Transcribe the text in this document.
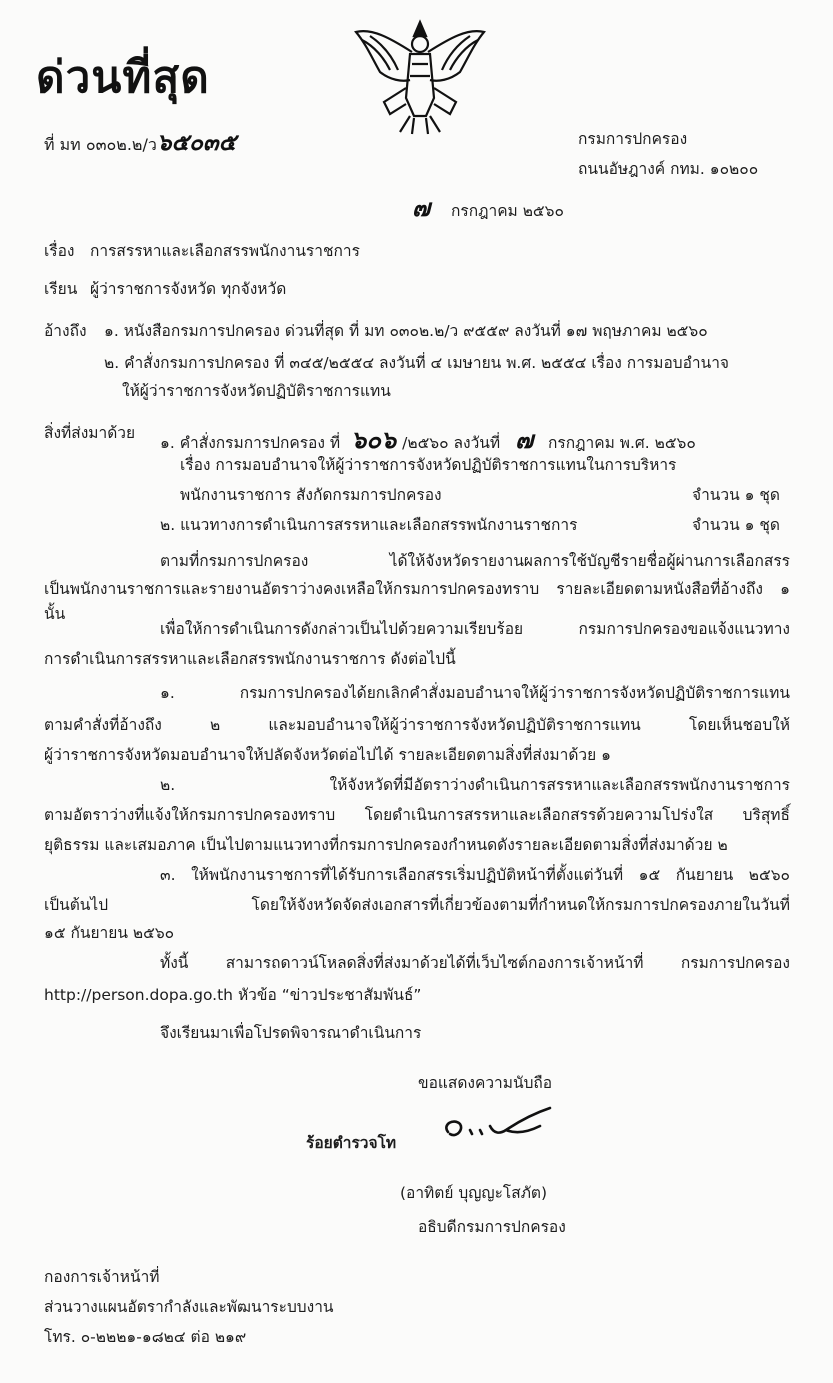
ด่วนที่สุด
ที่ มท ๐๓๐๒.๒/ว๖๕๐๓๕	กรมการปกครอง
ถนนอัษฎางค์ กทม. ๑๐๒๐๐
๗ กรกฎาคม ๒๕๖๐
เรื่อง การสรรหาและเลือกสรรพนักงานราชการ
เรียน ผู้ว่าราชการจังหวัด ทุกจังหวัด
อ้างถึง ๑. หนังสือกรมการปกครอง ด่วนที่สุด ที่ มท ๐๓๐๒.๒/ว ๙๕๕๙ ลงวันที่ ๑๗ พฤษภาคม ๒๕๖๐
๒. คำสั่งกรมการปกครอง ที่ ๓๔๕/๒๕๕๔ ลงวันที่ ๔ เมษายน พ.ศ. ๒๕๕๔ เรื่อง การมอบอำนาจ
ให้ผู้ว่าราชการจังหวัดปฏิบัติราชการแทน
สิ่งที่ส่งมาด้วย
๑. คำสั่งกรมการปกครอง ที่ ๖๐๖ /๒๕๖๐ ลงวันที่ ๗ กรกฎาคม พ.ศ. ๒๕๖๐
เรื่อง การมอบอำนาจให้ผู้ว่าราชการจังหวัดปฏิบัติราชการแทนในการบริหาร
พนักงานราชการ สังกัดกรมการปกครอง	จำนวน ๑ ชุด
๒. แนวทางการดำเนินการสรรหาและเลือกสรรพนักงานราชการ	จำนวน ๑ ชุด
ตามที่กรมการปกครอง ได้ให้จังหวัดรายงานผลการใช้บัญชีรายชื่อผู้ผ่านการเลือกสรร
เป็นพนักงานราชการและรายงานอัตราว่างคงเหลือให้กรมการปกครองทราบ รายละเอียดตามหนังสือที่อ้างถึง ๑ นั้น
เพื่อให้การดำเนินการดังกล่าวเป็นไปด้วยความเรียบร้อย กรมการปกครองขอแจ้งแนวทาง
การดำเนินการสรรหาและเลือกสรรพนักงานราชการ ดังต่อไปนี้
๑. กรมการปกครองได้ยกเลิกคำสั่งมอบอำนาจให้ผู้ว่าราชการจังหวัดปฏิบัติราชการแทน
ตามคำสั่งที่อ้างถึง ๒ และมอบอำนาจให้ผู้ว่าราชการจังหวัดปฏิบัติราชการแทน โดยเห็นชอบให้
ผู้ว่าราชการจังหวัดมอบอำนาจให้ปลัดจังหวัดต่อไปได้ รายละเอียดตามสิ่งที่ส่งมาด้วย ๑
๒. ให้จังหวัดที่มีอัตราว่างดำเนินการสรรหาและเลือกสรรพนักงานราชการ
ตามอัตราว่างที่แจ้งให้กรมการปกครองทราบ โดยดำเนินการสรรหาและเลือกสรรด้วยความโปร่งใส บริสุทธิ์
ยุติธรรม และเสมอภาค เป็นไปตามแนวทางที่กรมการปกครองกำหนดดังรายละเอียดตามสิ่งที่ส่งมาด้วย ๒
๓. ให้พนักงานราชการที่ได้รับการเลือกสรรเริ่มปฏิบัติหน้าที่ตั้งแต่วันที่ ๑๕ กันยายน ๒๕๖๐
เป็นต้นไป โดยให้จังหวัดจัดส่งเอกสารที่เกี่ยวข้องตามที่กำหนดให้กรมการปกครองภายในวันที่
๑๕ กันยายน ๒๕๖๐
ทั้งนี้ สามารถดาวน์โหลดสิ่งที่ส่งมาด้วยได้ที่เว็บไซต์กองการเจ้าหน้าที่ กรมการปกครอง
http://person.dopa.go.th หัวข้อ “ข่าวประชาสัมพันธ์”
จึงเรียนมาเพื่อโปรดพิจารณาดำเนินการ
ขอแสดงความนับถือ
ร้อยตำรวจโท
(อาทิตย์ บุญญะโสภัต)
อธิบดีกรมการปกครอง
กองการเจ้าหน้าที่
ส่วนวางแผนอัตรากำลังและพัฒนาระบบงาน
โทร. ๐-๒๒๒๑-๑๘๒๔ ต่อ ๒๑๙
